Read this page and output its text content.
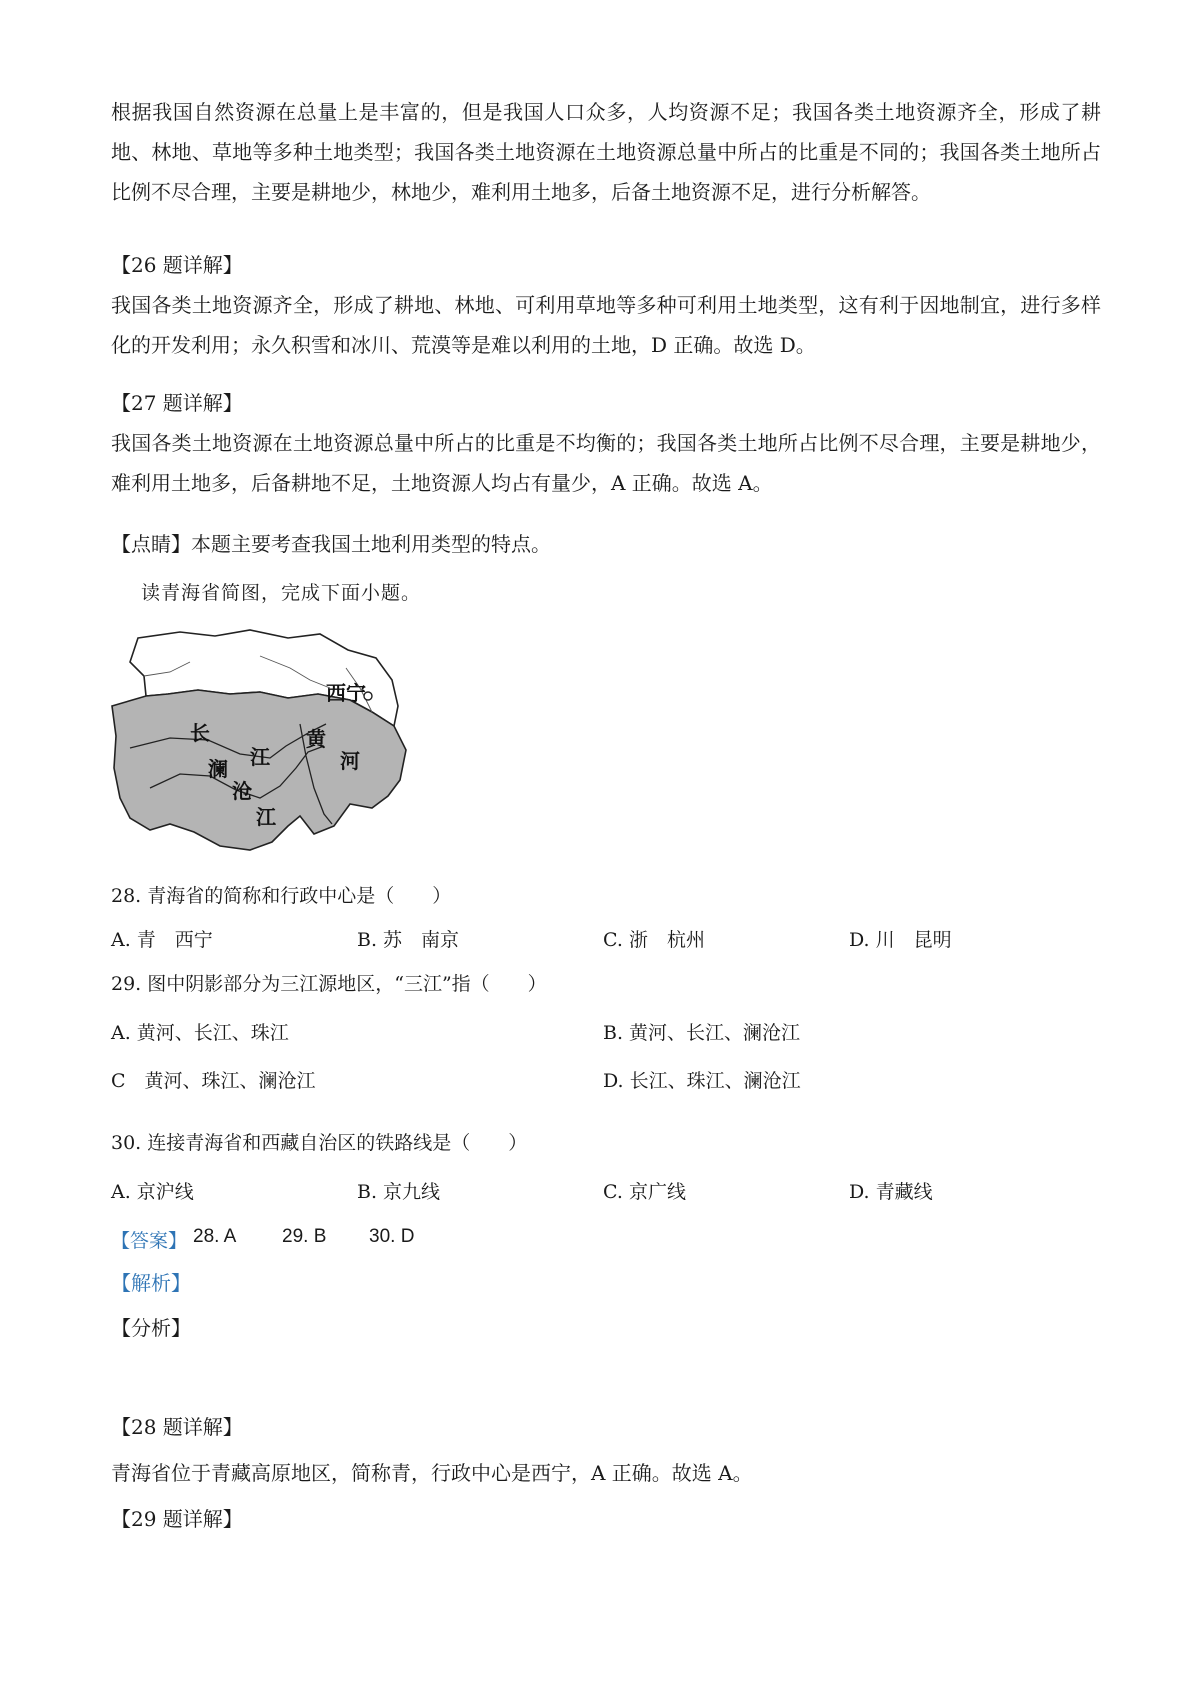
根据我国自然资源在总量上是丰富的，但是我国人口众多，人均资源不足；我国各类土地资源齐全，形成了耕地、林地、草地等多种土地类型；我国各类土地资源在土地资源总量中所占的比重是不同的；我国各类土地所占比例不尽合理，主要是耕地少，林地少，难利用土地多，后备土地资源不足，进行分析解答。

【26 题详解】

我国各类土地资源齐全，形成了耕地、林地、可利用草地等多种可利用土地类型，这有利于因地制宜，进行多样化的开发利用；永久积雪和冰川、荒漠等是难以利用的土地，D 正确。故选 D。

【27 题详解】

我国各类土地资源在土地资源总量中所占的比重是不均衡的；我国各类土地所占比例不尽合理，主要是耕地少，难利用土地多，后备耕地不足，土地资源人均占有量少，A 正确。故选 A。

【点睛】本题主要考查我国土地利用类型的特点。

读青海省简图，完成下面小题。
西宁
长
江
澜
沧
江
黄
河

28. 青海省的简称和行政中心是（　　）

A. 青　西宁	B. 苏　南京	C. 浙　杭州	D. 川　昆明

29. 图中阴影部分为三江源地区，“三江”指（　　）

A. 黄河、长江、珠江	B. 黄河、长江、澜沧江

C　黄河、珠江、澜沧江	D. 长江、珠江、澜沧江

30. 连接青海省和西藏自治区的铁路线是（　　）

A. 京沪线	B. 京九线	C. 京广线	D. 青藏线

【答案】 28. A 29. B 30. D

【解析】

【分析】

【28 题详解】

青海省位于青藏高原地区，简称青，行政中心是西宁，A 正确。故选 A。

【29 题详解】
